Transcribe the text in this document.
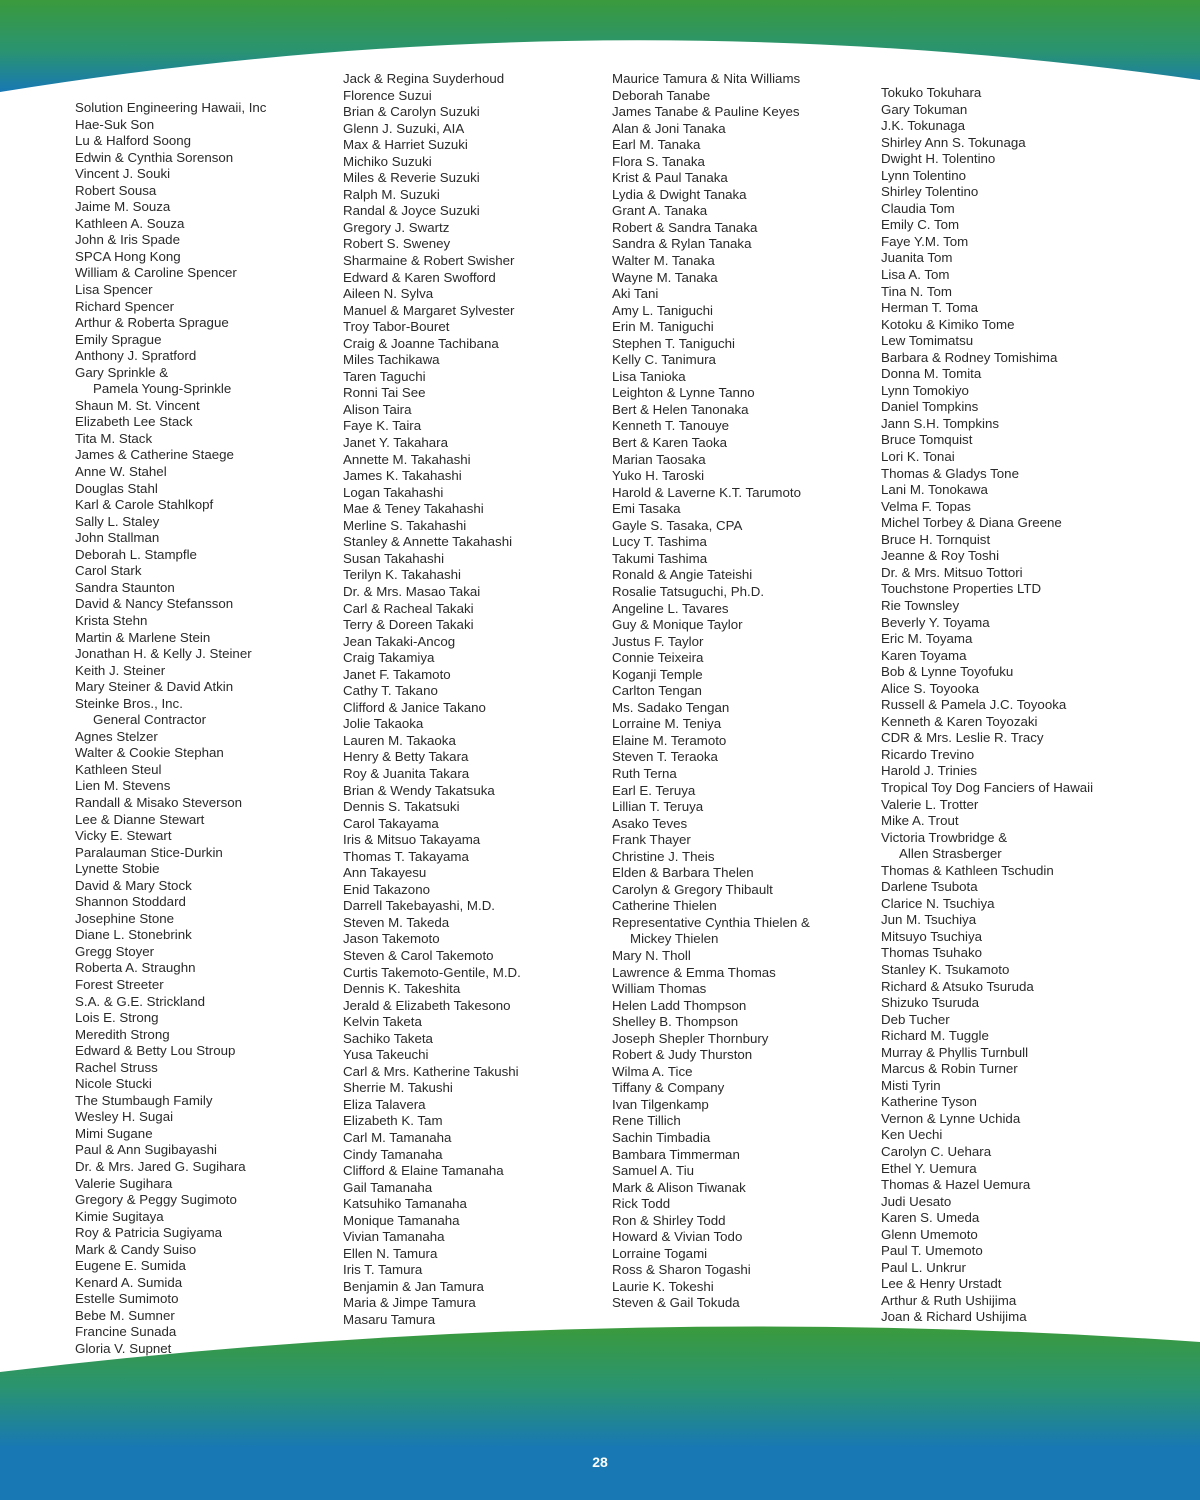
Solution Engineering Hawaii, Inc
Hae-Suk Son
Lu & Halford Soong
Edwin & Cynthia Sorenson
Vincent J. Souki
Robert Sousa
Jaime M. Souza
Kathleen A. Souza
John & Iris Spade
SPCA Hong Kong
William & Caroline Spencer
Lisa Spencer
Richard Spencer
Arthur & Roberta Sprague
Emily Sprague
Anthony J. Spratford
Gary Sprinkle &
Pamela Young-Sprinkle
Shaun M. St. Vincent
Elizabeth Lee Stack
Tita M. Stack
James & Catherine Staege
Anne W. Stahel
Douglas Stahl
Karl & Carole Stahlkopf
Sally L. Staley
John Stallman
Deborah L. Stampfle
Carol Stark
Sandra Staunton
David & Nancy Stefansson
Krista Stehn
Martin & Marlene Stein
Jonathan H. & Kelly J. Steiner
Keith J. Steiner
Mary Steiner & David Atkin
Steinke Bros., Inc.
General Contractor
Agnes Stelzer
Walter & Cookie Stephan
Kathleen Steul
Lien M. Stevens
Randall & Misako Steverson
Lee & Dianne Stewart
Vicky E. Stewart
Paralauman Stice-Durkin
Lynette Stobie
David & Mary Stock
Shannon Stoddard
Josephine Stone
Diane L. Stonebrink
Gregg Stoyer
Roberta A. Straughn
Forest Streeter
S.A. & G.E. Strickland
Lois E. Strong
Meredith Strong
Edward & Betty Lou Stroup
Rachel Struss
Nicole Stucki
The Stumbaugh Family
Wesley H. Sugai
Mimi Sugane
Paul & Ann Sugibayashi
Dr. & Mrs. Jared G. Sugihara
Valerie Sugihara
Gregory & Peggy Sugimoto
Kimie Sugitaya
Roy & Patricia Sugiyama
Mark & Candy Suiso
Eugene E. Sumida
Kenard A. Sumida
Estelle Sumimoto
Bebe M. Sumner
Francine Sunada
Gloria V. Supnet
Jack & Regina Suyderhoud
Florence Suzui
Brian & Carolyn Suzuki
Glenn J. Suzuki, AIA
Max & Harriet Suzuki
Michiko Suzuki
Miles & Reverie Suzuki
Ralph M. Suzuki
Randal & Joyce Suzuki
Gregory J. Swartz
Robert S. Sweney
Sharmaine & Robert Swisher
Edward & Karen Swofford
Aileen N. Sylva
Manuel & Margaret Sylvester
Troy Tabor-Bouret
Craig & Joanne Tachibana
Miles Tachikawa
Taren Taguchi
Ronni Tai See
Alison Taira
Faye K. Taira
Janet Y. Takahara
Annette M. Takahashi
James K. Takahashi
Logan Takahashi
Mae & Teney Takahashi
Merline S. Takahashi
Stanley & Annette Takahashi
Susan Takahashi
Terilyn K. Takahashi
Dr. & Mrs. Masao Takai
Carl & Racheal Takaki
Terry & Doreen Takaki
Jean Takaki-Ancog
Craig Takamiya
Janet F. Takamoto
Cathy T. Takano
Clifford & Janice Takano
Jolie Takaoka
Lauren M. Takaoka
Henry & Betty Takara
Roy & Juanita Takara
Brian & Wendy Takatsuka
Dennis S. Takatsuki
Carol Takayama
Iris & Mitsuo Takayama
Thomas T. Takayama
Ann Takayesu
Enid Takazono
Darrell Takebayashi, M.D.
Steven M. Takeda
Jason Takemoto
Steven & Carol Takemoto
Curtis Takemoto-Gentile, M.D.
Dennis K. Takeshita
Jerald & Elizabeth Takesono
Kelvin Taketa
Sachiko Taketa
Yusa Takeuchi
Carl & Mrs. Katherine Takushi
Sherrie M. Takushi
Eliza Talavera
Elizabeth K. Tam
Carl M. Tamanaha
Cindy Tamanaha
Clifford & Elaine Tamanaha
Gail Tamanaha
Katsuhiko Tamanaha
Monique Tamanaha
Vivian Tamanaha
Ellen N. Tamura
Iris T. Tamura
Benjamin & Jan Tamura
Maria & Jimpe Tamura
Masaru Tamura
Maurice Tamura & Nita Williams
Deborah Tanabe
James Tanabe & Pauline Keyes
Alan & Joni Tanaka
Earl M. Tanaka
Flora S. Tanaka
Krist & Paul Tanaka
Lydia & Dwight Tanaka
Grant A. Tanaka
Robert & Sandra Tanaka
Sandra & Rylan Tanaka
Walter M. Tanaka
Wayne M. Tanaka
Aki Tani
Amy L. Taniguchi
Erin M. Taniguchi
Stephen T. Taniguchi
Kelly C. Tanimura
Lisa Tanioka
Leighton & Lynne Tanno
Bert & Helen Tanonaka
Kenneth T. Tanouye
Bert & Karen Taoka
Marian Taosaka
Yuko H. Taroski
Harold & Laverne K.T. Tarumoto
Emi Tasaka
Gayle S. Tasaka, CPA
Lucy T. Tashima
Takumi Tashima
Ronald & Angie Tateishi
Rosalie Tatsuguchi, Ph.D.
Angeline L. Tavares
Guy & Monique Taylor
Justus F. Taylor
Connie Teixeira
Koganji Temple
Carlton Tengan
Ms. Sadako Tengan
Lorraine M. Teniya
Elaine M. Teramoto
Steven T. Teraoka
Ruth Terna
Earl E. Teruya
Lillian T. Teruya
Asako Teves
Frank Thayer
Christine J. Theis
Elden & Barbara Thelen
Carolyn & Gregory Thibault
Catherine Thielen
Representative Cynthia Thielen &
Mickey Thielen
Mary N. Tholl
Lawrence & Emma Thomas
William Thomas
Helen Ladd Thompson
Shelley B. Thompson
Joseph Shepler Thornbury
Robert & Judy Thurston
Wilma A. Tice
Tiffany & Company
Ivan Tilgenkamp
Rene Tillich
Sachin Timbadia
Bambara Timmerman
Samuel A. Tiu
Mark & Alison Tiwanak
Rick Todd
Ron & Shirley Todd
Howard & Vivian Todo
Lorraine Togami
Ross & Sharon Togashi
Laurie K. Tokeshi
Steven & Gail Tokuda
Tokuko Tokuhara
Gary Tokuman
J.K. Tokunaga
Shirley Ann S. Tokunaga
Dwight H. Tolentino
Lynn Tolentino
Shirley Tolentino
Claudia Tom
Emily C. Tom
Faye Y.M. Tom
Juanita Tom
Lisa A. Tom
Tina N. Tom
Herman T. Toma
Kotoku & Kimiko Tome
Lew Tomimatsu
Barbara & Rodney Tomishima
Donna M. Tomita
Lynn Tomokiyo
Daniel Tompkins
Jann S.H. Tompkins
Bruce Tomquist
Lori K. Tonai
Thomas & Gladys Tone
Lani M. Tonokawa
Velma F. Topas
Michel Torbey & Diana Greene
Bruce H. Tornquist
Jeanne & Roy Toshi
Dr. & Mrs. Mitsuo Tottori
Touchstone Properties LTD
Rie Townsley
Beverly Y. Toyama
Eric M. Toyama
Karen Toyama
Bob & Lynne Toyofuku
Alice S. Toyooka
Russell & Pamela J.C. Toyooka
Kenneth & Karen Toyozaki
CDR & Mrs. Leslie R. Tracy
Ricardo Trevino
Harold J. Trinies
Tropical Toy Dog Fanciers of Hawaii
Valerie L. Trotter
Mike A. Trout
Victoria Trowbridge &
Allen Strasberger
Thomas & Kathleen Tschudin
Darlene Tsubota
Clarice N. Tsuchiya
Jun M. Tsuchiya
Mitsuyo Tsuchiya
Thomas Tsuhako
Stanley K. Tsukamoto
Richard & Atsuko Tsuruda
Shizuko Tsuruda
Deb Tucher
Richard M. Tuggle
Murray & Phyllis Turnbull
Marcus & Robin Turner
Misti Tyrin
Katherine Tyson
Vernon & Lynne Uchida
Ken Uechi
Carolyn C. Uehara
Ethel Y. Uemura
Thomas & Hazel Uemura
Judi Uesato
Karen S. Umeda
Glenn Umemoto
Paul T. Umemoto
Paul L. Unkrur
Lee & Henry Urstadt
Arthur & Ruth Ushijima
Joan & Richard Ushijima
28
